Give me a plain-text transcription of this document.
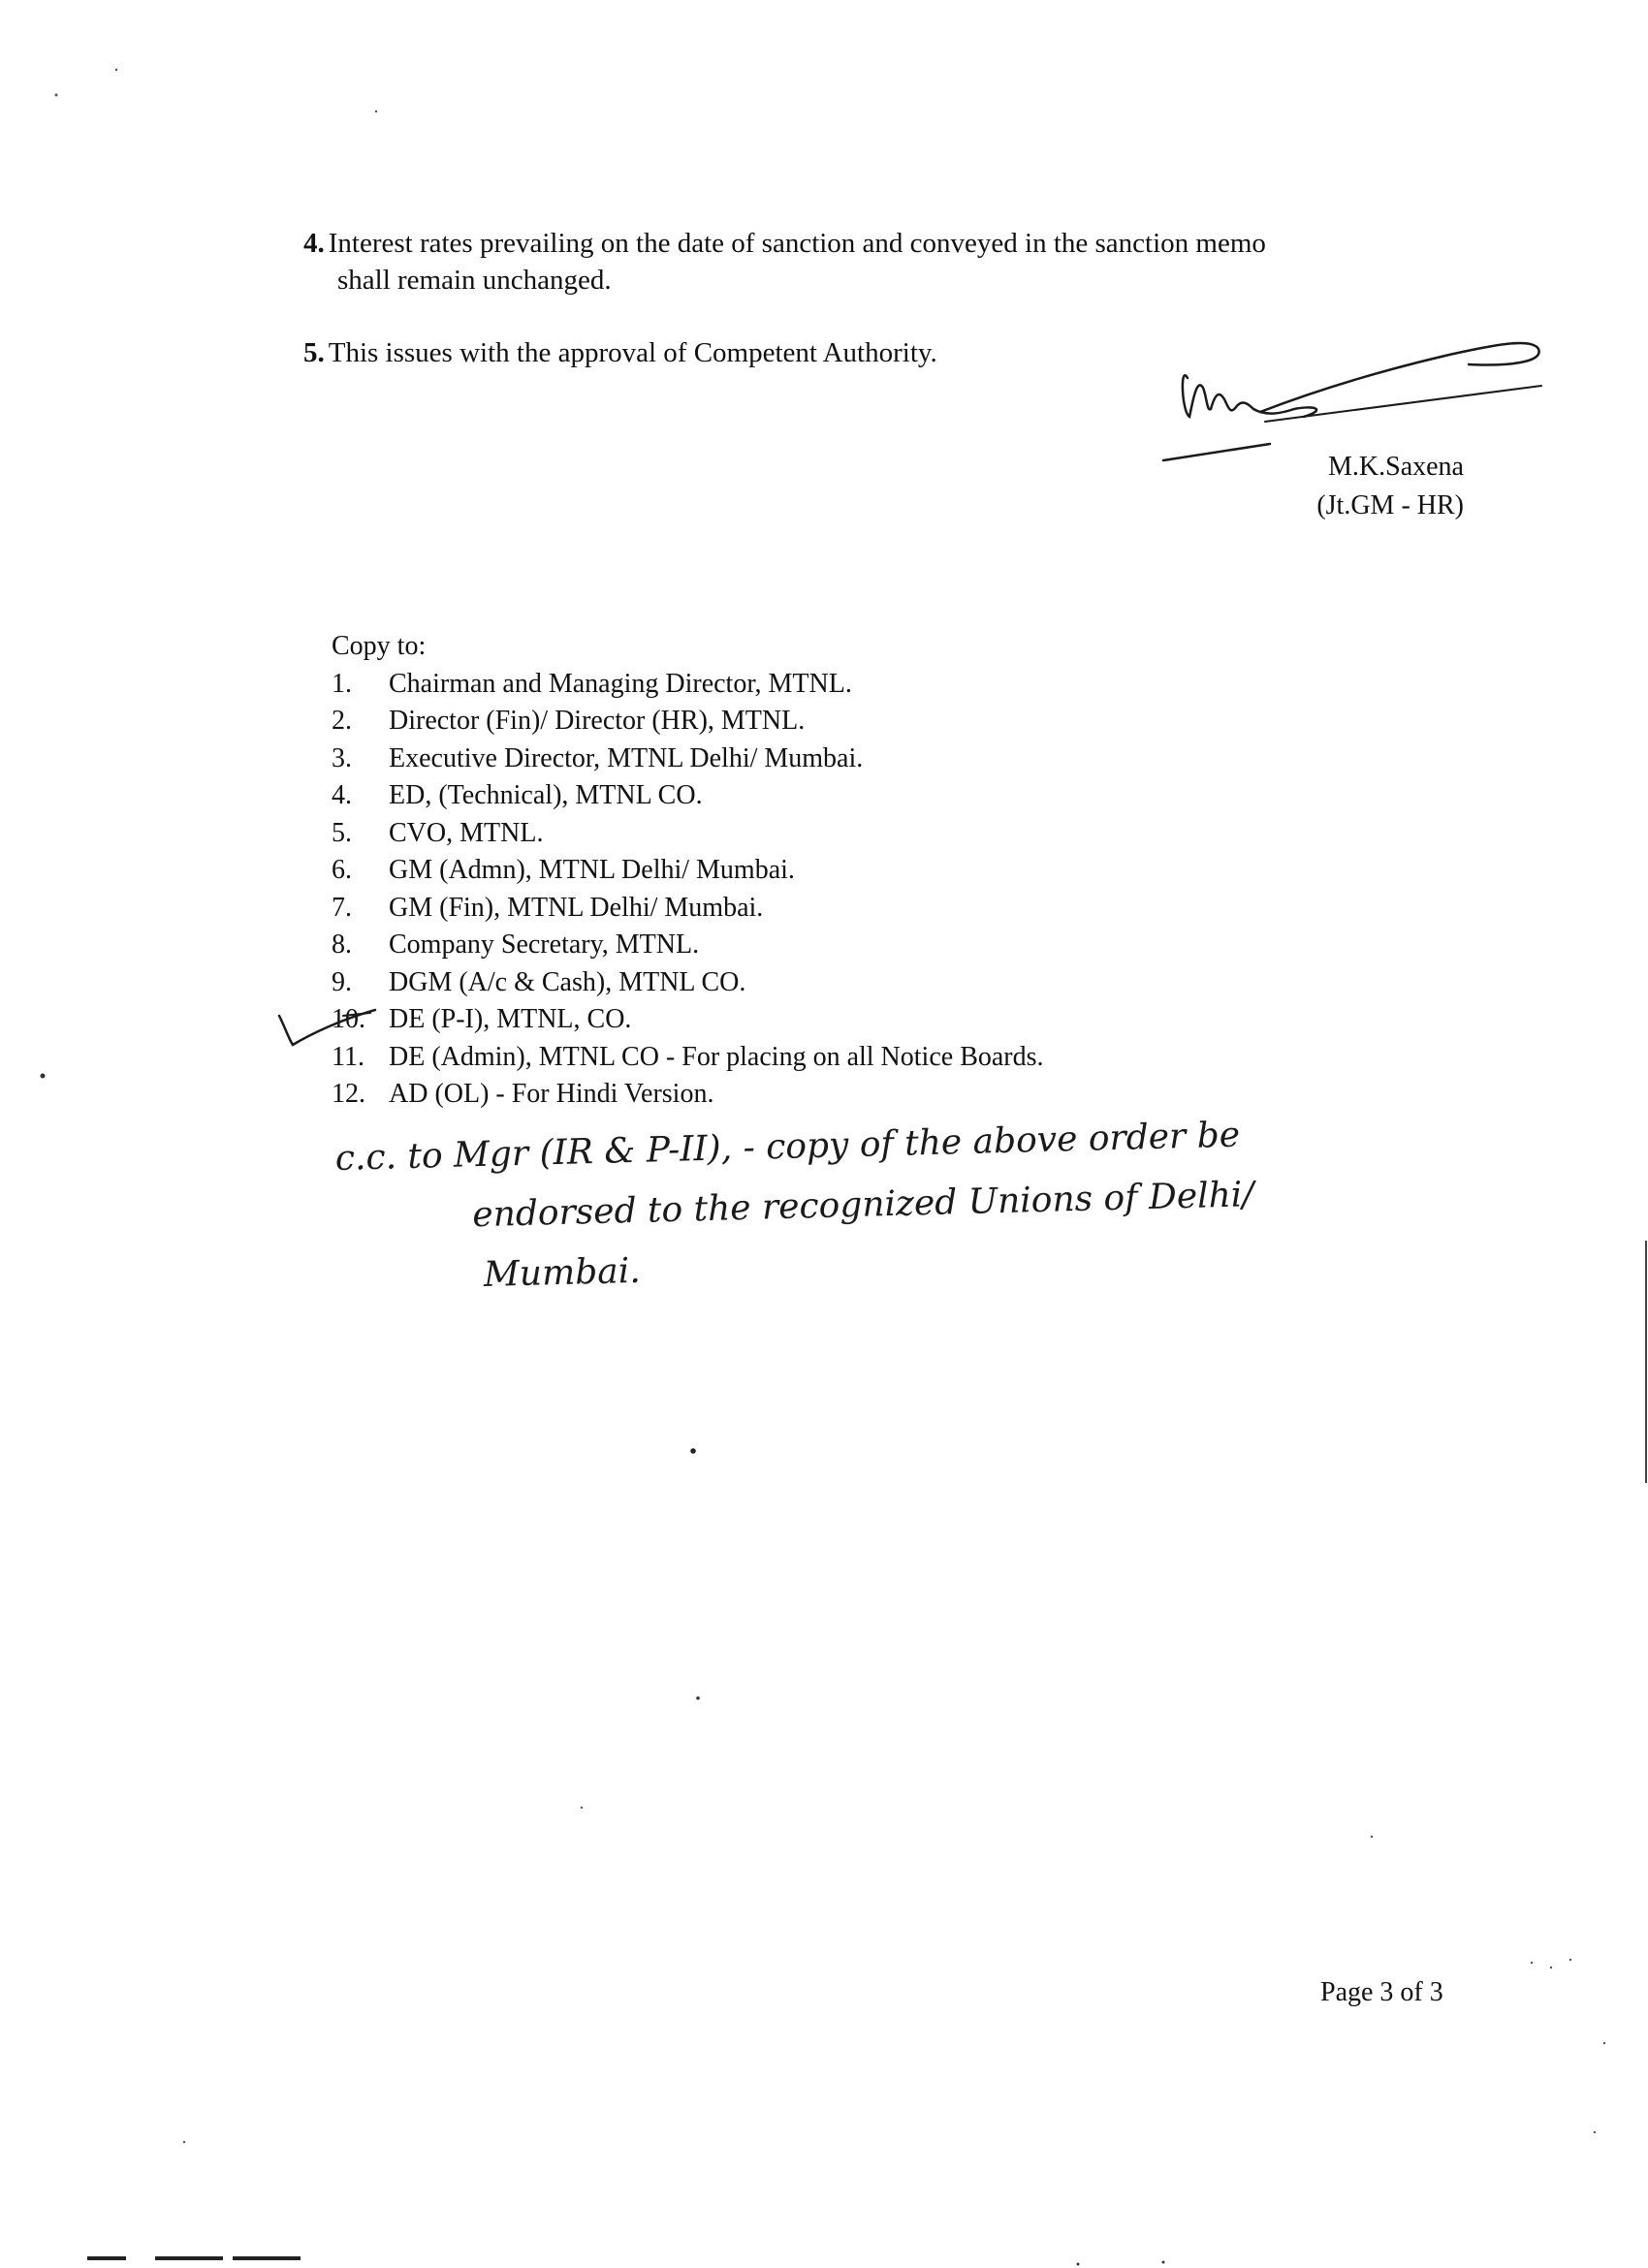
4. Interest rates prevailing on the date of sanction and conveyed in the sanction memo
shall remain unchanged.
5. This issues with the approval of Competent Authority.
M.K.Saxena
(Jt.GM - HR)
Copy to:
1.	Chairman and Managing Director, MTNL.
2.	Director (Fin)/ Director (HR), MTNL.
3.	Executive Director, MTNL Delhi/ Mumbai.
4.	ED, (Technical), MTNL CO.
5.	CVO, MTNL.
6.	GM (Admn), MTNL Delhi/ Mumbai.
7.	GM (Fin), MTNL Delhi/ Mumbai.
8.	Company Secretary, MTNL.
9.	DGM (A/c & Cash), MTNL CO.
10. DE (P-I), MTNL, CO.
11. DE (Admin), MTNL CO - For placing on all Notice Boards.
12. AD (OL) - For Hindi Version.
c.c. to Mgr (IR & P-II), - copy of the above order be
endorsed to the recognized Unions of Delhi/
Mumbai.
Page 3 of 3
